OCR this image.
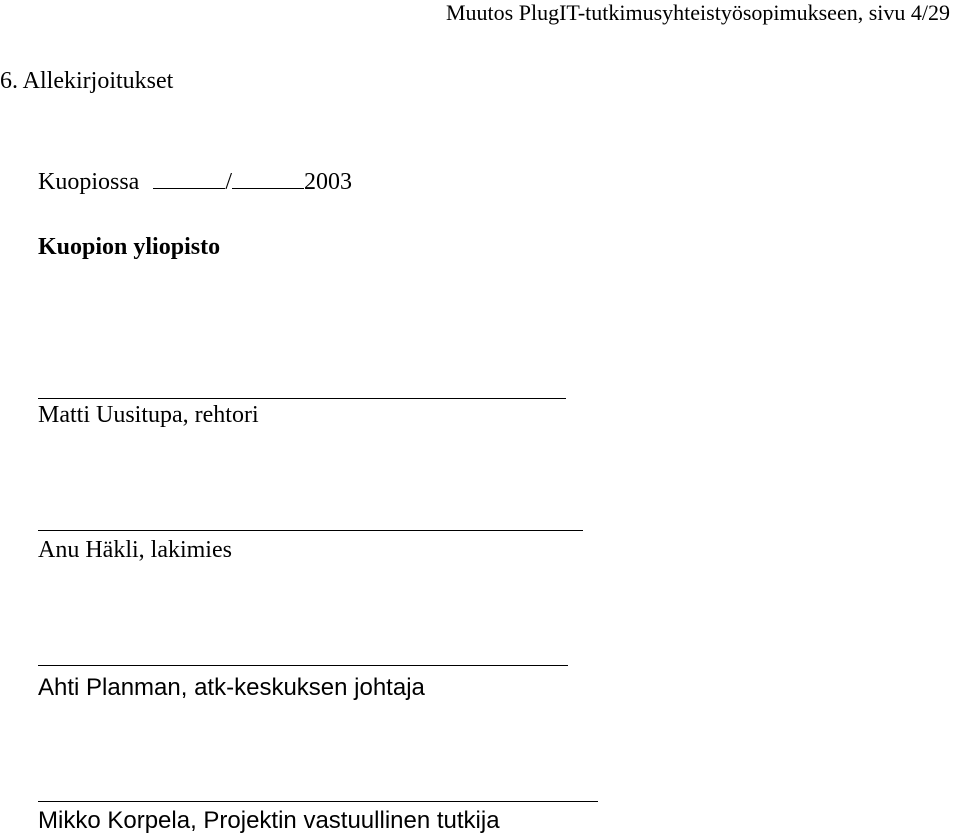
Muutos PlugIT-tutkimusyhteistyösopimukseen, sivu 4/29
6. Allekirjoitukset
Kuopiossa	/	2003
Kuopion yliopisto
Matti Uusitupa, rehtori
Anu Häkli, lakimies
Ahti Planman, atk-keskuksen johtaja
Mikko Korpela, Projektin vastuullinen tutkija
